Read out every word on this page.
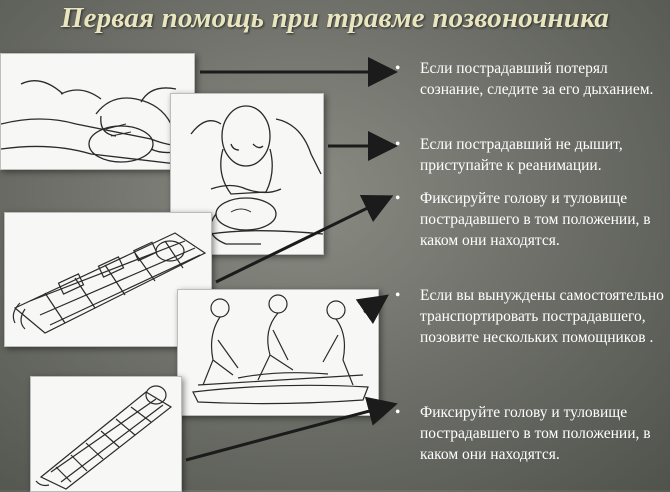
Первая помощь при травме позвоночника
• Если пострадавший потерял сознание, следите за его дыханием.
• Если пострадавший не дышит, приступайте к реанимации.
• Фиксируйте голову и туловище пострадавшего в том положении, в каком они находятся.
• Если вы вынуждены самостоятельно транспортировать пострадавшего, позовите нескольких помощников .
• Фиксируйте голову и туловище пострадавшего в том положении, в каком они находятся.
